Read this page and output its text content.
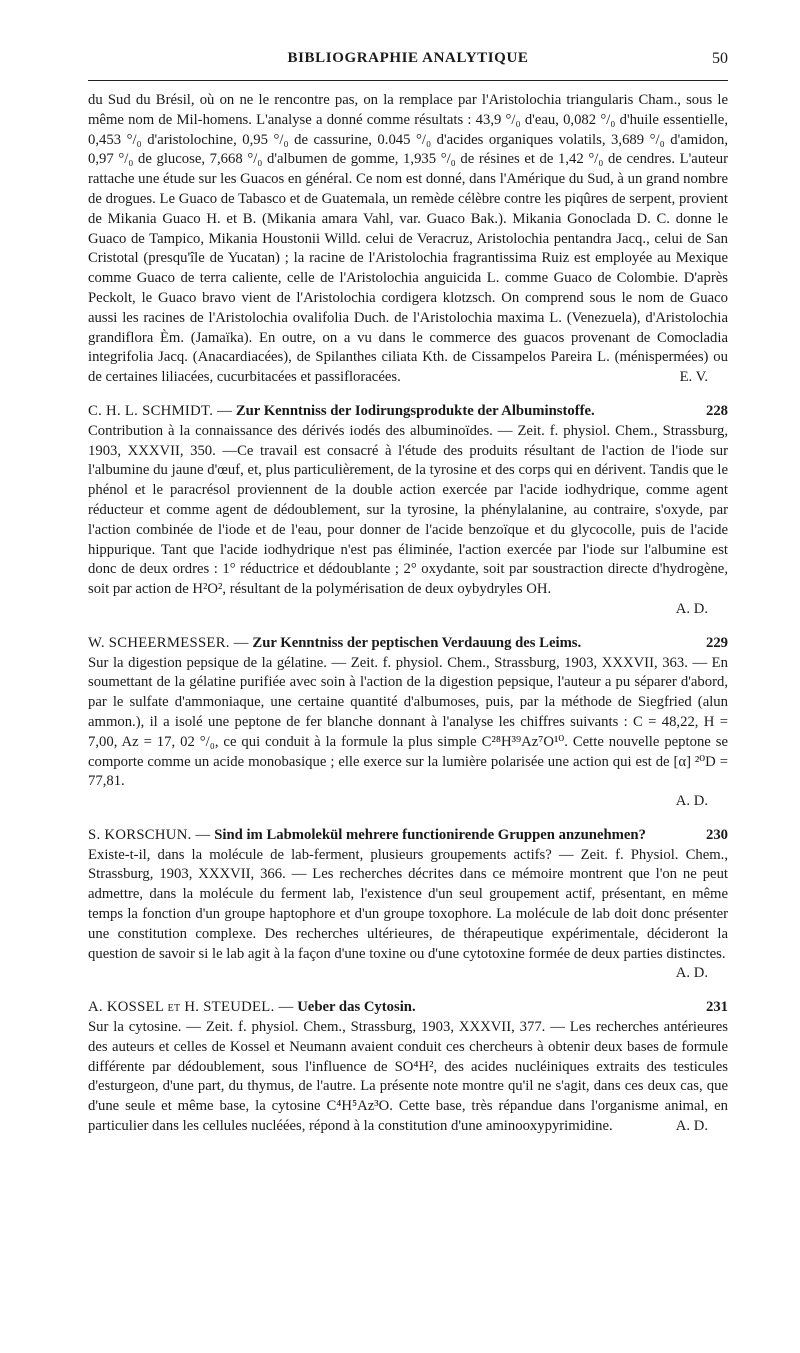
BIBLIOGRAPHIE ANALYTIQUE	50
du Sud du Brésil, où on ne le rencontre pas, on la remplace par l'Aristolochia triangularis Cham., sous le même nom de Mil-homens. L'analyse a donné comme résultats : 43,9 °/₀ d'eau, 0,082 °/₀ d'huile essentielle, 0,453 °/₀ d'aristolochine, 0,95 °/₀ de cassurine, 0.045 °/₀ d'acides organiques volatils, 3,689 °/₀ d'amidon, 0,97 °/₀ de glucose, 7,668 °/₀ d'albumen de gomme, 1,935 °/₀ de résines et de 1,42 °/₀ de cendres. L'auteur rattache une étude sur les Guacos en général. Ce nom est donné, dans l'Amérique du Sud, à un grand nombre de drogues. Le Guaco de Tabasco et de Guatemala, un remède célèbre contre les piqûres de serpent, provient de Mikania Guaco H. et B. (Mikania amara Vahl, var. Guaco Bak.). Mikania Gonoclada D. C. donne le Guaco de Tampico, Mikania Houstonii Willd. celui de Veracruz, Aristolochia pentandra Jacq., celui de San Cristotal (presqu'île de Yucatan) ; la racine de l'Aristolochia fragrantissima Ruiz est employée au Mexique comme Guaco de terra caliente, celle de l'Aristolochia anguicida L. comme Guaco de Colombie. D'après Peckolt, le Guaco bravo vient de l'Aristolochia cordigera klotzsch. On comprend sous le nom de Guaco aussi les racines de l'Aristolochia ovalifolia Duch. de l'Aristolochia maxima L. (Venezuela), d'Aristolochia grandiflora Èm. (Jamaïka). En outre, on a vu dans le commerce des guacos provenant de Comocladia integrifolia Jacq. (Anacardiacées), de Spilanthes ciliata Kth. de Cissampelos Pareira L. (ménispermées) ou de certaines liliacées, cucurbitacées et passifloracées.	E. V.
228
C. H. L. SCHMIDT. — Zur Kenntniss der Iodirungsprodukte der Albuminstoffe.
Contribution à la connaissance des dérivés iodés des albuminoïdes. — Zeit. f. physiol. Chem., Strassburg, 1903, XXXVII, 350. —Ce travail est consacré à l'étude des produits résultant de l'action de l'iode sur l'albumine du jaune d'œuf, et, plus particulièrement, de la tyrosine et des corps qui en dérivent. Tandis que le phénol et le paracrésol proviennent de la double action exercée par l'acide iodhydrique, comme agent réducteur et comme agent de dédoublement, sur la tyrosine, la phénylalanine, au contraire, s'oxyde, par l'action combinée de l'iode et de l'eau, pour donner de l'acide benzoïque et du glycocolle, puis de l'acide hippurique. Tant que l'acide iodhydrique n'est pas éliminée, l'action exercée par l'iode sur l'albumine est donc de deux ordres : 1° réductrice et dédoublante ; 2° oxydante, soit par soustraction directe d'hydrogène, soit par action de H²O², résultant de la polymérisation de deux oybydryles OH.
A. D.
229
W. SCHEERMESSER. — Zur Kenntniss der peptischen Verdauung des Leims.
Sur la digestion pepsique de la gélatine. — Zeit. f. physiol. Chem., Strassburg, 1903, XXXVII, 363. — En soumettant de la gélatine purifiée avec soin à l'action de la digestion pepsique, l'auteur a pu séparer d'abord, par le sulfate d'ammoniaque, une certaine quantité d'albumoses, puis, par la méthode de Siegfried (alun ammon.), il a isolé une peptone de fer blanche donnant à l'analyse les chiffres suivants : C = 48,22, H = 7,00, Az = 17, 02 °/₀, ce qui conduit à la formule la plus simple C²⁸H³⁹Az⁷O¹⁰. Cette nouvelle peptone se comporte comme un acide monobasique ; elle exerce sur la lumière polarisée une action qui est de [α] ²⁰D = 77,81.
A. D.
230
S. KORSCHUN. — Sind im Labmolekül mehrere functionirende Gruppen anzunehmen?
Existe-t-il, dans la molécule de lab-ferment, plusieurs groupements actifs? — Zeit. f. Physiol. Chem., Strassburg, 1903, XXXVII, 366. — Les recherches décrites dans ce mémoire montrent que l'on ne peut admettre, dans la molécule du ferment lab, l'existence d'un seul groupement actif, présentant, en même temps la fonction d'un groupe haptophore et d'un groupe toxophore. La molécule de lab doit donc présenter une constitution complexe. Des recherches ultérieures, de thérapeutique expérimentale, décideront la question de savoir si le lab agit à la façon d'une toxine ou d'une cytotoxine formée de deux parties distinctes.
A. D.
231
A. KOSSEL et H. STEUDEL. — Ueber das Cytosin.
Sur la cytosine. — Zeit. f. physiol. Chem., Strassburg, 1903, XXXVII, 377. — Les recherches antérieures des auteurs et celles de Kossel et Neumann avaient conduit ces chercheurs à obtenir deux bases de formule différente par dédoublement, sous l'influence de SO⁴H², des acides nucléiniques extraits des testicules d'esturgeon, d'une part, du thymus, de l'autre. La présente note montre qu'il ne s'agit, dans ces deux cas, que d'une seule et même base, la cytosine C⁴H⁵Az³O. Cette base, très répandue dans l'organisme animal, en particulier dans les cellules nucléées, répond à la constitution d'une aminooxypyrimidine.	A. D.
